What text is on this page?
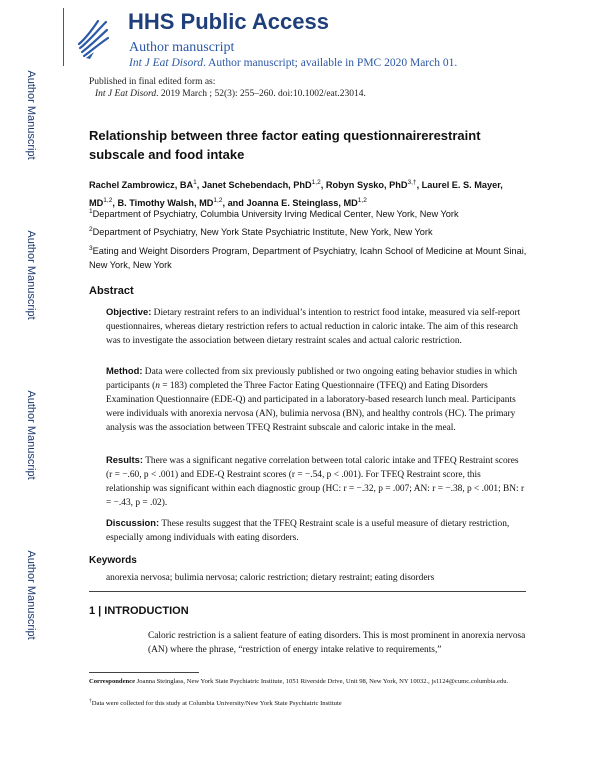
Author Manuscript
Author Manuscript
Author Manuscript
Author Manuscript
HHS Public Access
Author manuscript
Int J Eat Disord. Author manuscript; available in PMC 2020 March 01.
Published in final edited form as:
Int J Eat Disord. 2019 March ; 52(3): 255–260. doi:10.1002/eat.23014.
Relationship between three factor eating questionnairerestraint subscale and food intake
Rachel Zambrowicz, $BA^1$, Janet Schebendach, PhD$^{1,2}$, Robyn Sysko, PhD$^{3,\dagger}$, Laurel E. S. Mayer, MD$^{1,2}$, B. Timothy Walsh, MD$^{1,2}$, and Joanna E. Steinglass, MD$^{1,2}$
$^1$Department of Psychiatry, Columbia University Irving Medical Center, New York, New York
$^2$Department of Psychiatry, New York State Psychiatric Institute, New York, New York
$^3$Eating and Weight Disorders Program, Department of Psychiatry, Icahn School of Medicine at Mount Sinai, New York, New York
Abstract
Objective: Dietary restraint refers to an individual’s intention to restrict food intake, measured via self-report questionnaires, whereas dietary restriction refers to actual reduction in caloric intake. The aim of this research was to investigate the association between dietary restraint scales and actual caloric restriction.
Method: Data were collected from six previously published or two ongoing eating behavior studies in which participants (n = 183) completed the Three Factor Eating Questionnaire (TFEQ) and Eating Disorders Examination Questionnaire (EDE-Q) and participated in a laboratory-based research lunch meal. Participants were individuals with anorexia nervosa (AN), bulimia nervosa (BN), and healthy controls (HC). The primary analysis was the association between TFEQ Restraint subscale and caloric intake in the meal.
Results: There was a significant negative correlation between total caloric intake and TFEQ Restraint scores (r = −.60, p < .001) and EDE-Q Restraint scores (r = −.54, p < .001). For TFEQ Restraint score, this relationship was significant within each diagnostic group (HC: r = −.32, p = .007; AN: r = −.38, p < .001; BN: r = −.43, p = .02).
Discussion: These results suggest that the TFEQ Restraint scale is a useful measure of dietary restriction, especially among individuals with eating disorders.
Keywords
anorexia nervosa; bulimia nervosa; caloric restriction; dietary restraint; eating disorders
1 | INTRODUCTION
Caloric restriction is a salient feature of eating disorders. This is most prominent in anorexia nervosa (AN) where the phrase, “restriction of energy intake relative to requirements,”
Correspondence Joanna Steinglass, New York State Psychiatric Institute, 1051 Riverside Drive, Unit 98, New York, NY 10032., js1124@cumc.columbia.edu.
†Data were collected for this study at Columbia University/New York State Psychiatric Institute
